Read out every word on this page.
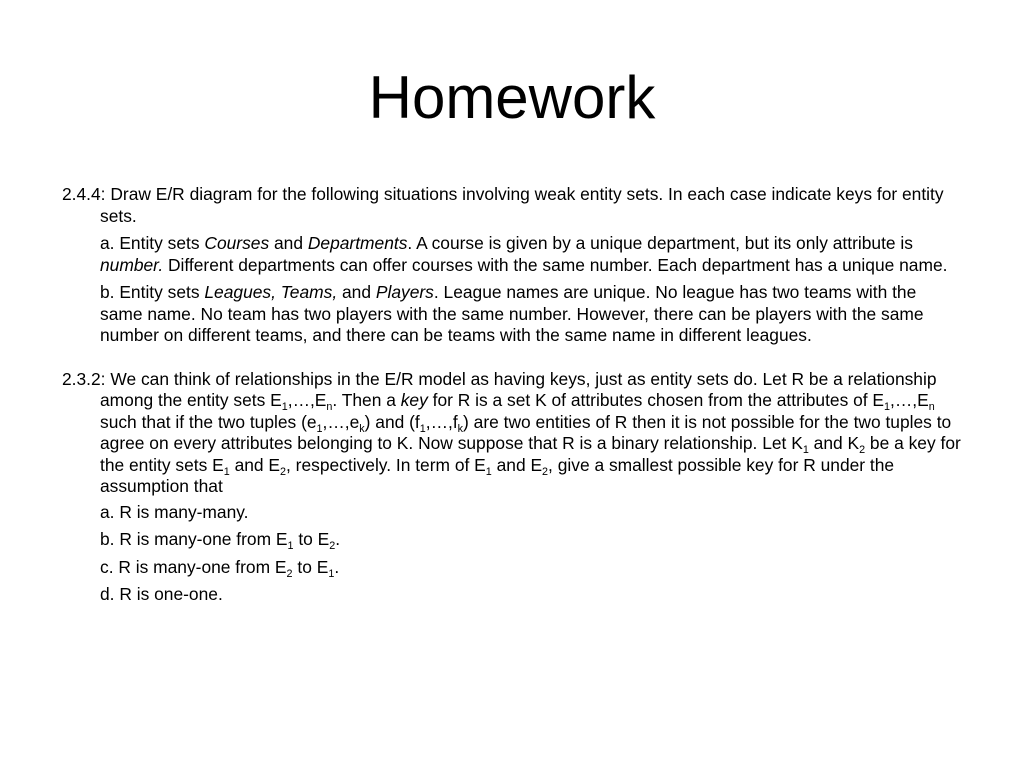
Homework

2.4.4: Draw E/R diagram for the following situations involving weak entity sets. In each case indicate keys for entity sets.

a. Entity sets Courses and Departments. A course is given by a unique department, but its only attribute is number. Different departments can offer courses with the same number. Each department has a unique name.

b. Entity sets Leagues, Teams, and Players. League names are unique. No league has two teams with the same name. No team has two players with the same number. However, there can be players with the same number on different teams, and there can be teams with the same name in different leagues.

2.3.2: We can think of relationships in the E/R model as having keys, just as entity sets do. Let R be a relationship among the entity sets $E_1,\dots,E_n$. Then a key for R is a set K of attributes chosen from the attributes of $E_1,\dots,E_n$ such that if the two tuples $(e_1,\dots,e_k)$ and $(f_1,\dots,f_k)$ are two entities of R then it is not possible for the two tuples to agree on every attributes belonging to K. Now suppose that R is a binary relationship. Let $K_1$ and $K_2$ be a key for the entity sets $E_1$ and $E_2$, respectively. In term of $E_1$ and $E_2$, give a smallest possible key for R under the assumption that

a. R is many-many.

b. R is many-one from $E_1$ to $E_2$.

c. R is many-one from $E_2$ to $E_1$.

d. R is one-one.
